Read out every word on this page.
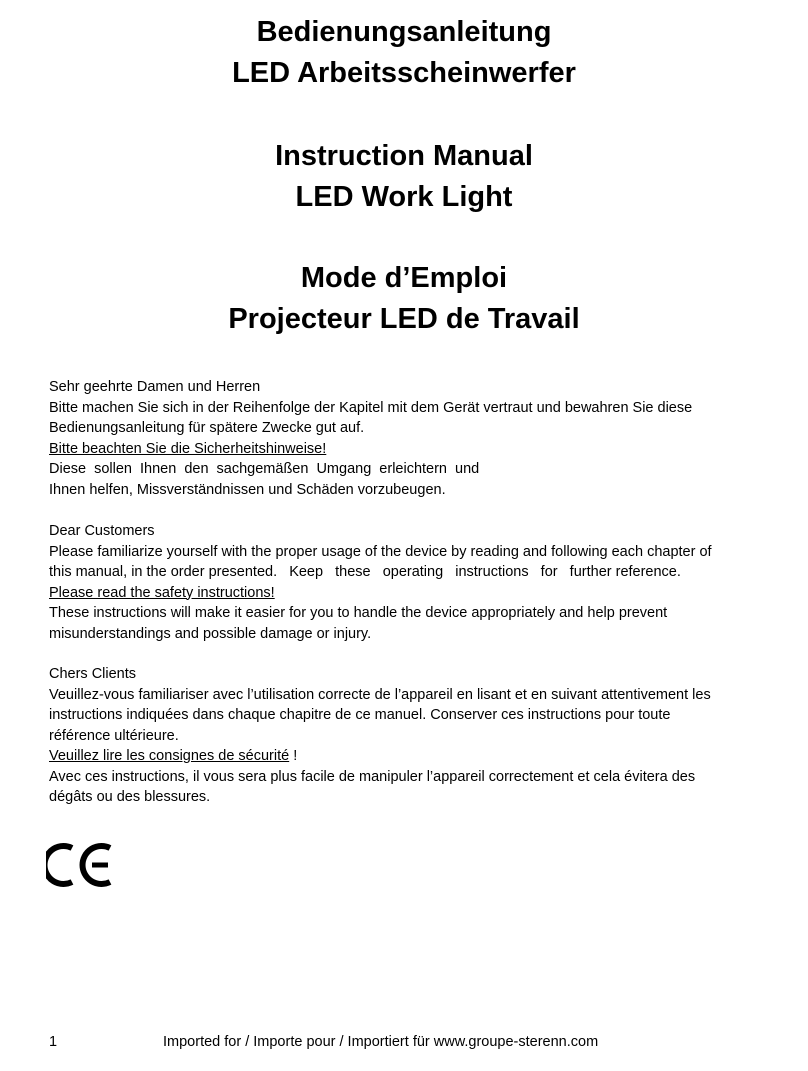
Bedienungsanleitung
LED Arbeitsscheinwerfer
Instruction Manual
LED Work Light
Mode d’Emploi
Projecteur LED de Travail
Sehr geehrte Damen und Herren
Bitte machen Sie sich in der Reihenfolge der Kapitel mit dem Gerät vertraut und bewahren Sie diese
Bedienungsanleitung für spätere Zwecke gut auf.
Bitte beachten Sie die Sicherheitshinweise!
Diese sollen Ihnen den sachgemäßen Umgang erleichtern und
Ihnen helfen, Missverständnissen und Schäden vorzubeugen.
Dear Customers
Please familiarize yourself with the proper usage of the device by reading and following each chapter of
this manual, in the order presented.   Keep   these   operating   instructions   for   further reference.
Please read the safety instructions!
These instructions will make it easier for you to handle the device appropriately and help prevent
misunderstandings and possible damage or injury.
Chers Clients
Veuillez-vous familiariser avec l’utilisation correcte de l’appareil en lisant et en suivant attentivement les
instructions indiquées dans chaque chapitre de ce manuel. Conserver ces instructions pour toute
référence ultérieure.
Veuillez lire les consignes de sécurité !
Avec ces instructions, il vous sera plus facile de manipuler l’appareil correctement et cela évitera des
dégâts ou des blessures.
1	Imported for / Importe pour / Importiert für www.groupe-sterenn.com
